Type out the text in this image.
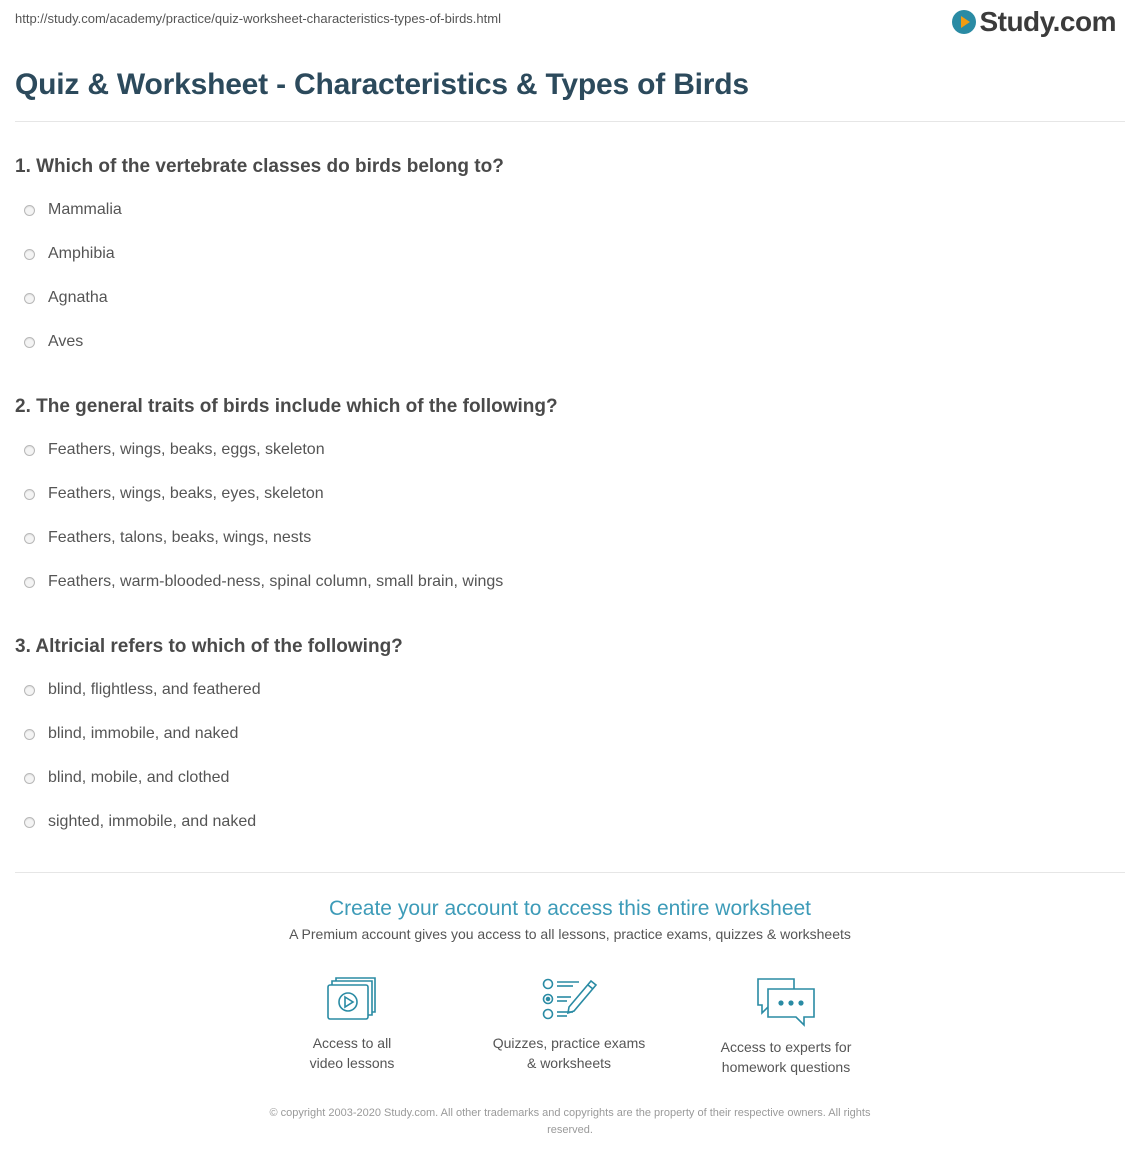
http://study.com/academy/practice/quiz-worksheet-characteristics-types-of-birds.html	Study.com
Quiz & Worksheet - Characteristics & Types of Birds

1. Which of the vertebrate classes do birds belong to?

Mammalia
Amphibia
Agnatha
Aves

2. The general traits of birds include which of the following?

Feathers, wings, beaks, eggs, skeleton
Feathers, wings, beaks, eyes, skeleton
Feathers, talons, beaks, wings, nests
Feathers, warm-blooded-ness, spinal column, small brain, wings

3. Altricial refers to which of the following?

blind, flightless, and feathered
blind, immobile, and naked
blind, mobile, and clothed
sighted, immobile, and naked
Create your account to access this entire worksheet
A Premium account gives you access to all lessons, practice exams, quizzes & worksheets
Access to all
video lessons
Quizzes, practice exams
& worksheets
Access to experts for
homework questions
© copyright 2003-2020 Study.com. All other trademarks and copyrights are the property of their respective owners. All rights
reserved.
